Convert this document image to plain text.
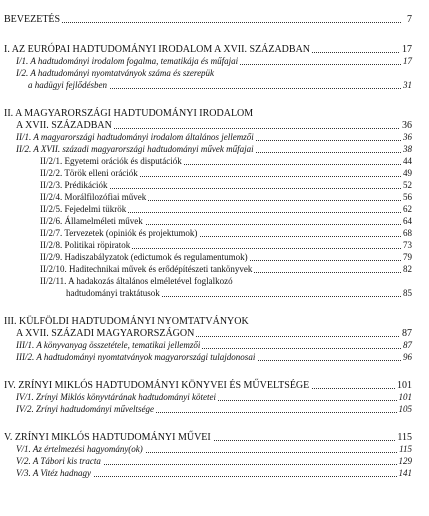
BEVEZETÉS	7
I. AZ EURÓPAI HADTUDOMÁNYI IRODALOM A XVII. SZÁZADBAN	17
I/1. A hadtudományi irodalom fogalma, tematikája és műfajai	17
I/2. A hadtudományi nyomtatványok száma és szerepük
a hadügyi fejlődésben	31
II. A MAGYARORSZÁGI HADTUDOMÁNYI IRODALOM
A XVII. SZÁZADBAN	36
II/1. A magyarországi hadtudományi irodalom általános jellemzői	36
II/2. A XVII. századi magyarországi hadtudományi művek műfajai	38
II/2/1. Egyetemi orációk és disputációk	44
II/2/2. Török elleni orációk	49
II/2/3. Prédikációk	52
II/2/4. Morálfilozófiai művek	56
II/2/5. Fejedelmi tükrök	62
II/2/6. Államelméleti művek	64
II/2/7. Tervezetek (opiniók és projektumok)	68
II/2/8. Politikai röpiratok	73
II/2/9. Hadiszabályzatok (edictumok és regulamentumok)	79
II/2/10. Haditechnikai művek és erődépítészeti tankönyvek	82
II/2/11. A hadakozás általános elméletével foglalkozó
hadtudományi traktátusok	85
III. KÜLFÖLDI HADTUDOMÁNYI NYOMTATVÁNYOK
A XVII. SZÁZADI MAGYARORSZÁGON	87
III/1. A könyvanyag összetétele, tematikai jellemzői	87
III/2. A hadtudományi nyomtatványok magyarországi tulajdonosai	96
IV. ZRÍNYI MIKLÓS HADTUDOMÁNYI KÖNYVEI ÉS MŰVELTSÉGE	101
IV/1. Zrínyi Miklós könyvtárának hadtudományi kötetei	101
IV/2. Zrínyi hadtudományi műveltsége	105
V. ZRÍNYI MIKLÓS HADTUDOMÁNYI MŰVEI	115
V/1. Az értelmezési hagyomány(ok)	115
V/2. A Tábori kis tracta	129
V/3. A Vitéz hadnagy	141
